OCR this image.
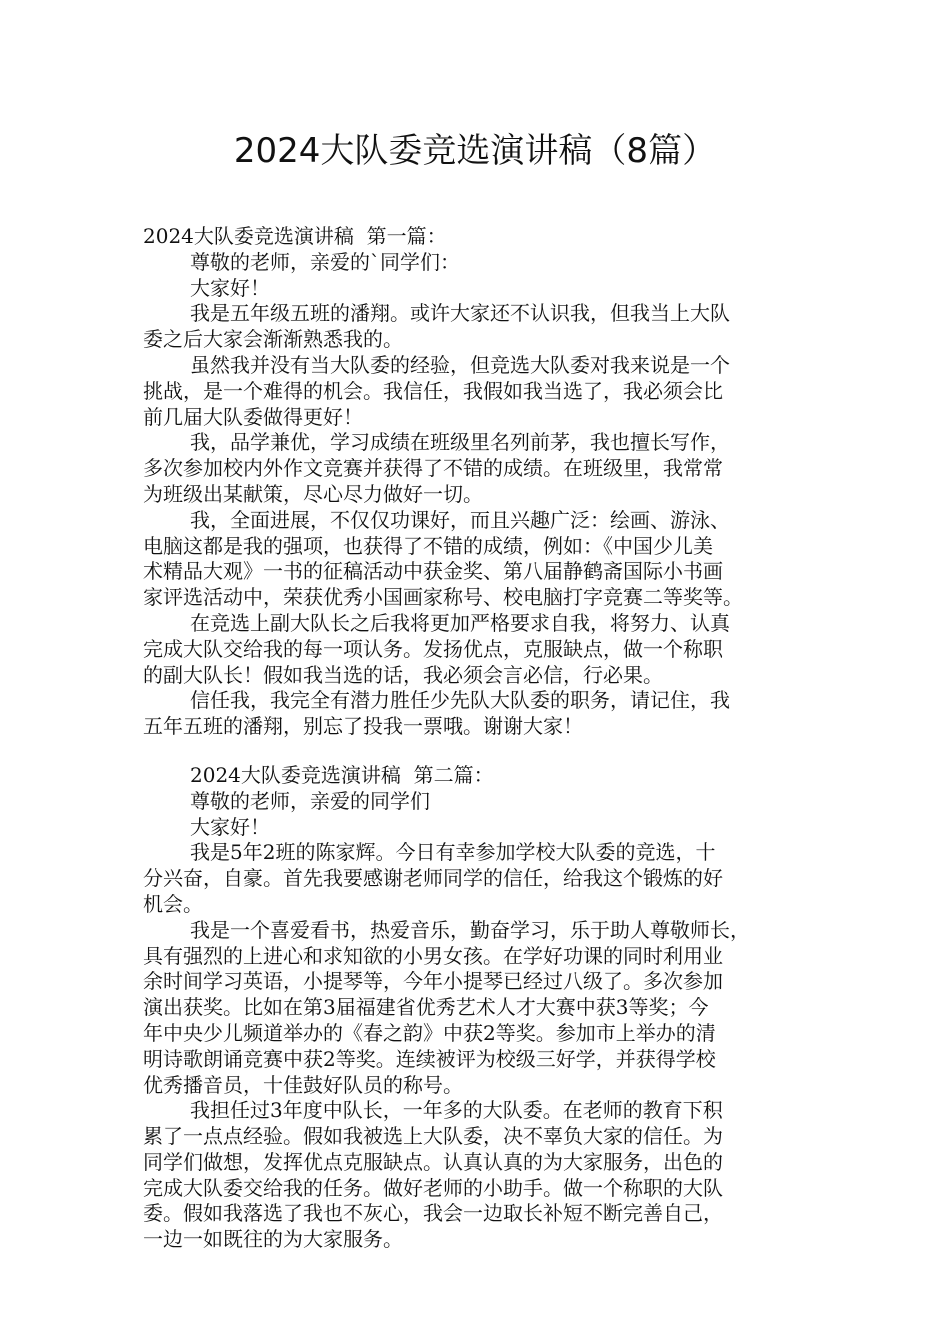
2024大队委竞选演讲稿（8篇）
2024大队委竞选演讲稿  第一篇：
尊敬的老师，亲爱的`同学们：
大家好！
我是五年级五班的潘翔。或许大家还不认识我，但我当上大队
委之后大家会渐渐熟悉我的。
虽然我并没有当大队委的经验，但竞选大队委对我来说是一个
挑战，是一个难得的机会。我信任，我假如我当选了，我必须会比
前几届大队委做得更好！
我，品学兼优，学习成绩在班级里名列前茅，我也擅长写作，
多次参加校内外作文竞赛并获得了不错的成绩。在班级里，我常常
为班级出某献策，尽心尽力做好一切。
我，全面进展，不仅仅功课好，而且兴趣广泛：绘画、游泳、
电脑这都是我的强项，也获得了不错的成绩，例如：《中国少儿美
术精品大观》一书的征稿活动中获金奖、第八届静鹤斋国际小书画
家评选活动中，荣获优秀小国画家称号、校电脑打字竞赛二等奖等。
在竞选上副大队长之后我将更加严格要求自我，将努力、认真
完成大队交给我的每一项认务。发扬优点，克服缺点，做一个称职
的副大队长！假如我当选的话，我必须会言必信，行必果。
信任我，我完全有潜力胜任少先队大队委的职务，请记住，我
五年五班的潘翔，别忘了投我一票哦。谢谢大家！
2024大队委竞选演讲稿  第二篇：
尊敬的老师，亲爱的同学们
大家好！
我是5年2班的陈家辉。今日有幸参加学校大队委的竞选，十
分兴奋，自豪。首先我要感谢老师同学的信任，给我这个锻炼的好
机会。
我是一个喜爱看书，热爱音乐，勤奋学习，乐于助人尊敬师长，
具有强烈的上进心和求知欲的小男女孩。在学好功课的同时利用业
余时间学习英语，小提琴等，今年小提琴已经过八级了。多次参加
演出获奖。比如在第3届福建省优秀艺术人才大赛中获3等奖；今
年中央少儿频道举办的《春之韵》中获2等奖。参加市上举办的清
明诗歌朗诵竞赛中获2等奖。连续被评为校级三好学，并获得学校
优秀播音员，十佳鼓好队员的称号。
我担任过3年度中队长，一年多的大队委。在老师的教育下积
累了一点点经验。假如我被选上大队委，决不辜负大家的信任。为
同学们做想，发挥优点克服缺点。认真认真的为大家服务，出色的
完成大队委交给我的任务。做好老师的小助手。做一个称职的大队
委。假如我落选了我也不灰心，我会一边取长补短不断完善自己，
一边一如既往的为大家服务。
